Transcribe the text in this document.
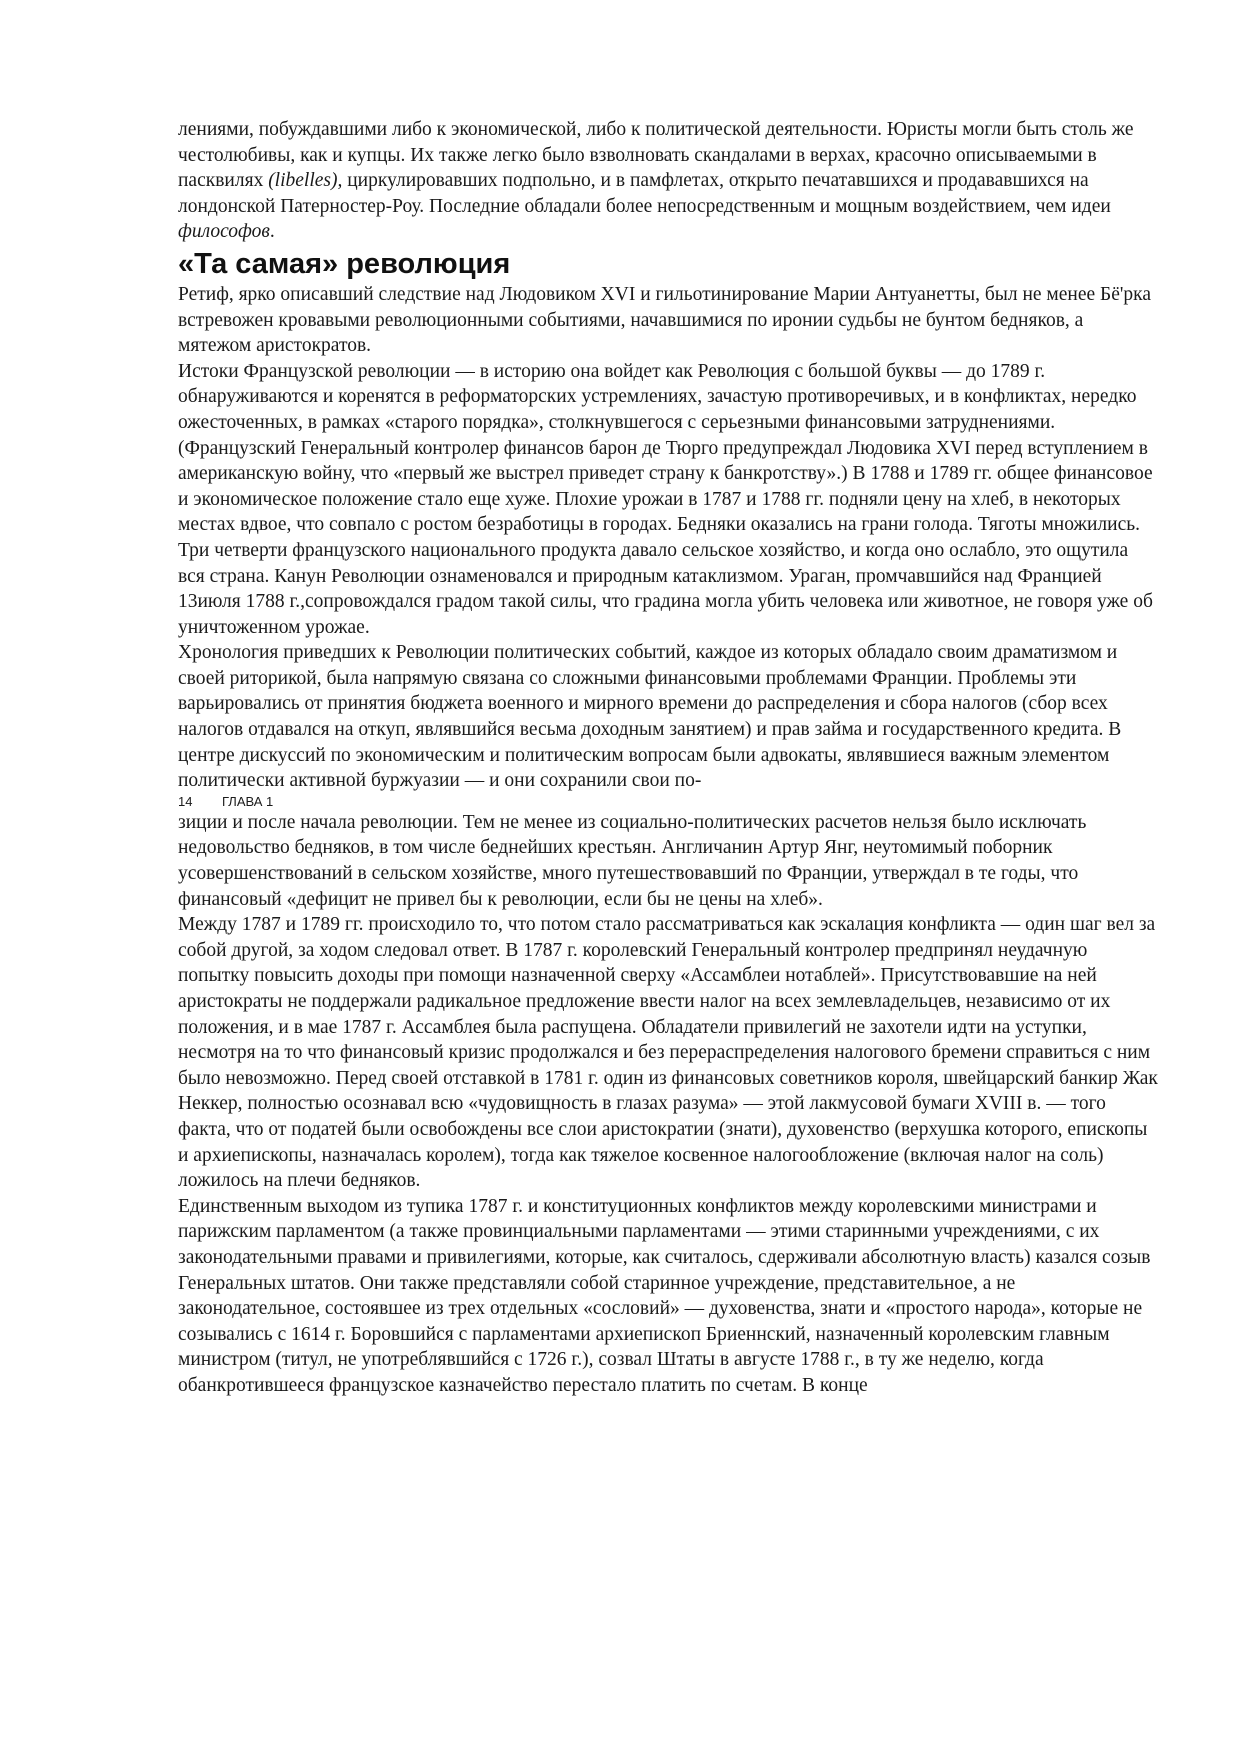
лениями, побуждавшими либо к экономической, либо к политической деятельности. Юристы могли быть столь же честолюбивы, как и купцы. Их также легко было взволновать скандалами в верхах, красочно описываемыми в пасквилях (libelles), циркулировавших подпольно, и в памфлетах, открыто печатавшихся и продававшихся на лондонской Патерностер-Роу. Последние обладали более непосредственным и мощным воздействием, чем идеи философов.

«Та самая» революция

Ретиф, ярко описавший следствие над Людовиком XVI и гильотинирование Марии Антуанетты, был не менее Бё'рка встревожен кровавыми революционными событиями, начавшимися по иронии судьбы не бунтом бедняков, а мятежом аристократов.

Истоки Французской революции — в историю она войдет как Революция с большой буквы — до 1789 г. обнаруживаются и коренятся в реформаторских устремлениях, зачастую противоречивых, и в конфликтах, нередко ожесточенных, в рамках «старого порядка», столкнувшегося с серьезными финансовыми затруднениями. (Французский Генеральный контролер финансов барон де Тюрго предупреждал Людовика XVI перед вступлением в американскую войну, что «первый же выстрел приведет страну к банкротству».) В 1788 и 1789 гг. общее финансовое и экономическое положение стало еще хуже. Плохие урожаи в 1787 и 1788 гг. подняли цену на хлеб, в некоторых местах вдвое, что совпало с ростом безработицы в городах. Бедняки оказались на грани голода. Тяготы множились. Три четверти французского национального продукта давало сельское хозяйство, и когда оно ослабло, это ощутила вся страна. Канун Революции ознаменовался и природным катаклизмом. Ураган, промчавшийся над Францией 13июля 1788 г.,сопровождался градом такой силы, что градина могла убить человека или животное, не говоря уже об уничтоженном урожае.

Хронология приведших к Революции политических событий, каждое из которых обладало своим драматизмом и своей риторикой, была напрямую связана со сложными финансовыми проблемами Франции. Проблемы эти варьировались от принятия бюджета военного и мирного времени до распределения и сбора налогов (сбор всех налогов отдавался на откуп, являвшийся весьма доходным занятием) и прав займа и государственного кредита. В центре дискуссий по экономическим и политическим вопросам были адвокаты, являвшиеся важным элементом политически активной буржуазии — и они сохранили свои по-

14 ГЛАВА 1

зиции и после начала революции. Тем не менее из социально-политических расчетов нельзя было исключать недовольство бедняков, в том числе беднейших крестьян. Англичанин Артур Янг, неутомимый поборник усовершенствований в сельском хозяйстве, много путешествовавший по Франции, утверждал в те годы, что финансовый «дефицит не привел бы к революции, если бы не цены на хлеб».

Между 1787 и 1789 гг. происходило то, что потом стало рассматриваться как эскалация конфликта — один шаг вел за собой другой, за ходом следовал ответ. В 1787 г. королевский Генеральный контролер предпринял неудачную попытку повысить доходы при помощи назначенной сверху «Ассамблеи нотаблей». Присутствовавшие на ней аристократы не поддержали радикальное предложение ввести налог на всех землевладельцев, независимо от их положения, и в мае 1787 г. Ассамблея была распущена. Обладатели привилегий не захотели идти на уступки, несмотря на то что финансовый кризис продолжался и без перераспределения налогового бремени справиться с ним было невозможно. Перед своей отставкой в 1781 г. один из финансовых советников короля, швейцарский банкир Жак Неккер, полностью осознавал всю «чудовищность в глазах разума» — этой лакмусовой бумаги XVIII в. — того факта, что от податей были освобождены все слои аристократии (знати), духовенство (верхушка которого, епископы и архиепископы, назначалась королем), тогда как тяжелое косвенное налогообложение (включая налог на соль) ложилось на плечи бедняков.

Единственным выходом из тупика 1787 г. и конституционных конфликтов между королевскими министрами и парижским парламентом (а также провинциальными парламентами — этими старинными учреждениями, с их законодательными правами и привилегиями, которые, как считалось, сдерживали абсолютную власть) казался созыв Генеральных штатов. Они также представляли собой старинное учреждение, представительное, а не законодательное, состоявшее из трех отдельных «сословий» — духовенства, знати и «простого народа», которые не созывались с 1614 г. Боровшийся с парламентами архиепископ Бриеннский, назначенный королевским главным министром (титул, не употреблявшийся с 1726 г.), созвал Штаты в августе 1788 г., в ту же неделю, когда обанкротившееся французское казначейство перестало платить по счетам. В конце
